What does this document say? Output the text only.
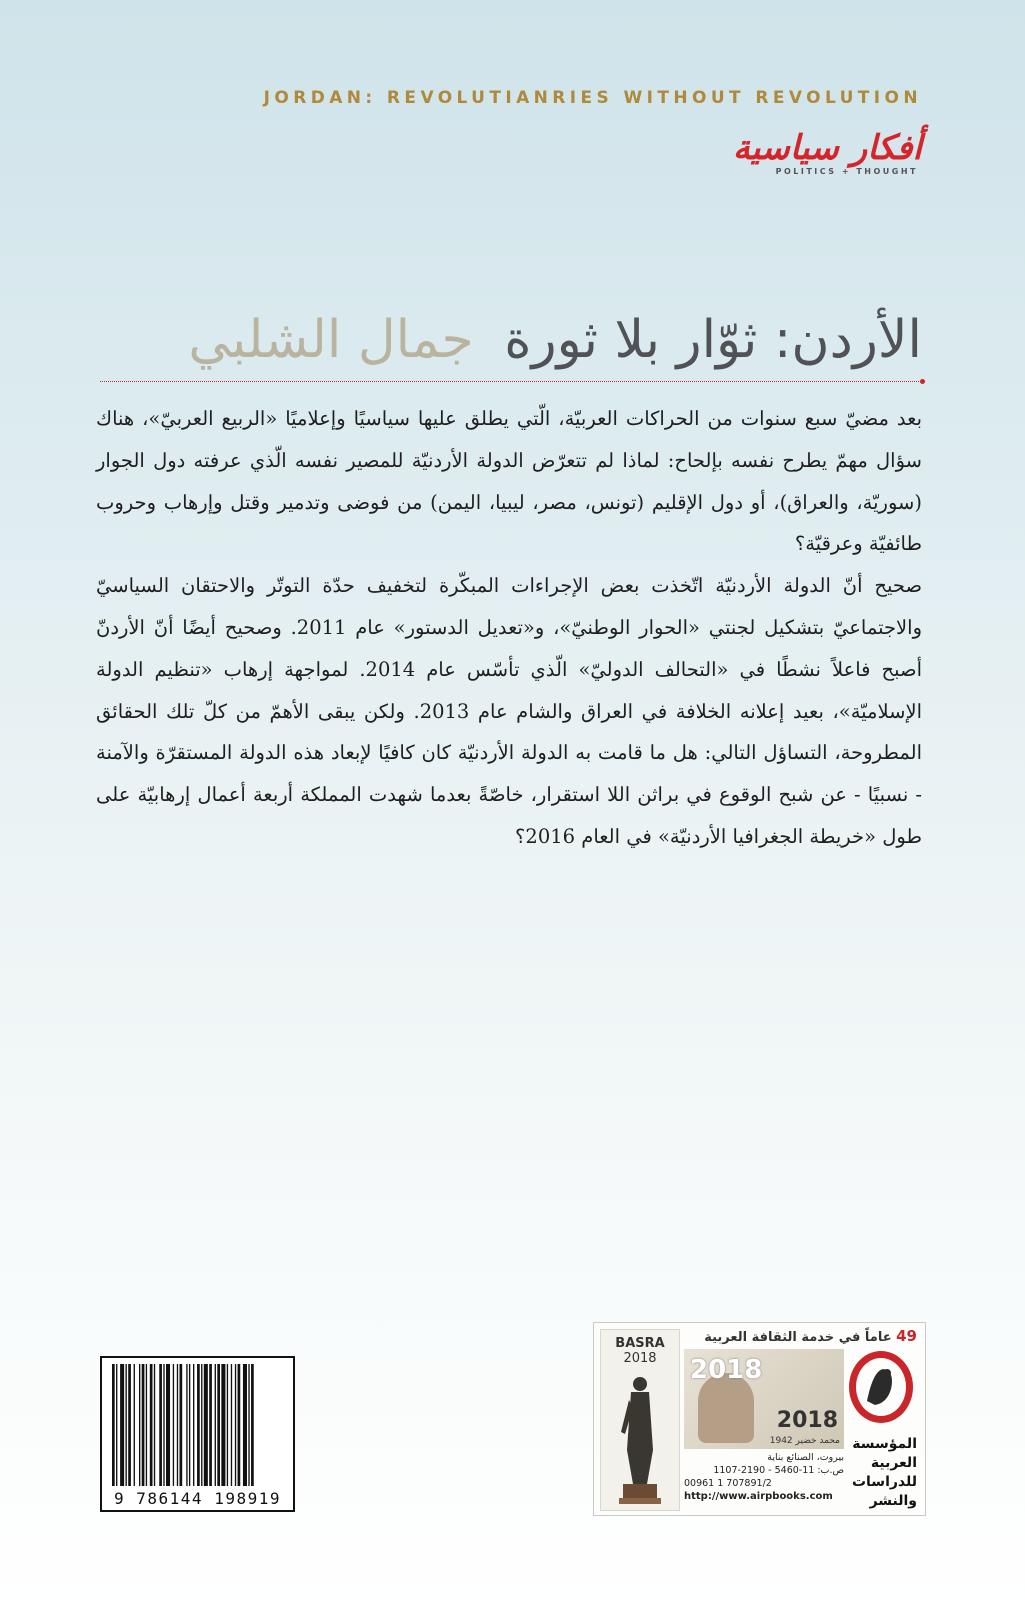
JORDAN: REVOLUTIANRIES WITHOUT REVOLUTION
أفكار سياسية
POLITICS + THOUGHT
الأردن: ثوّار بلا ثورة جمال الشلبي

بعد مضيّ سبع سنوات من الحراكات العربيّة، الّتي يطلق عليها سياسيًا وإعلاميًا «الربيع العربيّ»، هناك سؤال مهمّ يطرح نفسه بإلحاح: لماذا لم تتعرّض الدولة الأردنيّة للمصير نفسه الّذي عرفته دول الجوار (سوريّة، والعراق)، أو دول الإقليم (تونس، مصر، ليبيا، اليمن) من فوضى وتدمير وقتل وإرهاب وحروب طائفيّة وعرقيّة؟

صحيح أنّ الدولة الأردنيّة اتّخذت بعض الإجراءات المبكّرة لتخفيف حدّة التوتّر والاحتقان السياسيّ والاجتماعيّ بتشكيل لجنتي «الحوار الوطنيّ»، و«تعديل الدستور» عام 2011. وصحيح أيضًا أنّ الأردنّ أصبح فاعلاً نشطًا في «التحالف الدوليّ» الّذي تأسّس عام 2014. لمواجهة إرهاب «تنظيم الدولة الإسلاميّة»، بعيد إعلانه الخلافة في العراق والشام عام 2013. ولكن يبقى الأهمّ من كلّ تلك الحقائق المطروحة، التساؤل التالي: هل ما قامت به الدولة الأردنيّة كان كافيًا لإبعاد هذه الدولة المستقرّة والآمنة - نسبيًا - عن شبح الوقوع في براثن اللا استقرار، خاصّةً بعدما شهدت المملكة أربعة أعمال إرهابيّة على طول «خريطة الجغرافيا الأردنيّة» في العام 2016؟

9 786144 198919
BASRA
2018
49 عاماً في خدمة الثقافة العربية
2018
2018
محمد خضير 1942
بيروت، الصنائع بناية
ص.ب: 11-5460 - 2190-1107
00961 1 707891/2
http://www.airpbooks.com
المؤسسة
العربية
للدراسات
والنشر
